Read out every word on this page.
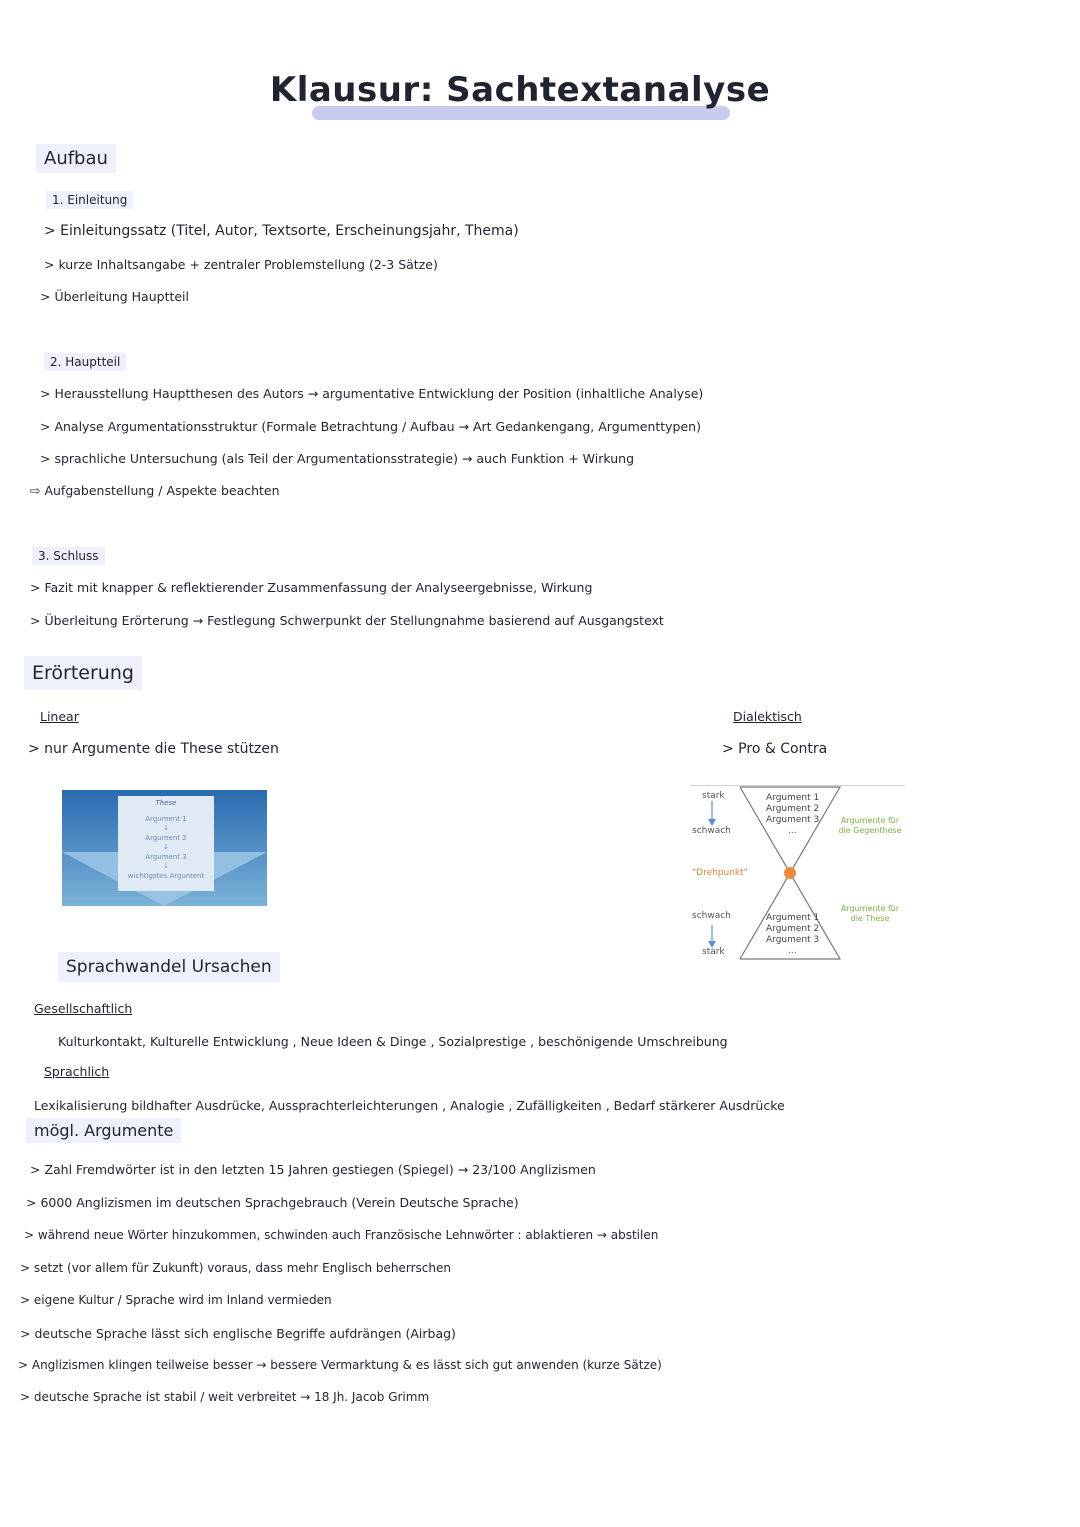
Klausur: Sachtextanalyse
Aufbau
1. Einleitung
> Einleitungssatz (Titel, Autor, Textsorte, Erscheinungsjahr, Thema)
> kurze Inhaltsangabe + zentraler Problemstellung (2-3 Sätze)
> Überleitung Hauptteil
2. Hauptteil
> Herausstellung Hauptthesen des Autors → argumentative Entwicklung der Position (inhaltliche Analyse)
> Analyse Argumentationsstruktur (Formale Betrachtung / Aufbau → Art Gedankengang, Argumenttypen)
> sprachliche Untersuchung (als Teil der Argumentationsstrategie) → auch Funktion + Wirkung
⇨ Aufgabenstellung / Aspekte beachten
3. Schluss
> Fazit mit knapper & reflektierender Zusammenfassung der Analyseergebnisse, Wirkung
> Überleitung Erörterung → Festlegung Schwerpunkt der Stellungnahme basierend auf Ausgangstext
Erörterung
Linear
> nur Argumente die These stützen
Dialektisch
> Pro & Contra
These
Argument 1
↓
Argument 2
↓
Argument 3
↓
wichtigstes Argument
stark
schwach
"Drehpunkt"
schwach
stark
Argument 1
Argument 2
Argument 3
...
Argument 1
Argument 2
Argument 3
...
Argumente für die Gegenthese
Argumente für die These
Sprachwandel Ursachen
Gesellschaftlich
Kulturkontakt, Kulturelle Entwicklung , Neue Ideen & Dinge , Sozialprestige , beschönigende Umschreibung
Sprachlich
Lexikalisierung bildhafter Ausdrücke, Aussprachterleichterungen , Analogie , Zufälligkeiten , Bedarf stärkerer Ausdrücke
mögl. Argumente
> Zahl Fremdwörter ist in den letzten 15 Jahren gestiegen (Spiegel) → 23/100 Anglizismen
> 6000 Anglizismen im deutschen Sprachgebrauch (Verein Deutsche Sprache)
> während neue Wörter hinzukommen, schwinden auch Französische Lehnwörter : ablaktieren → abstilen
> setzt (vor allem für Zukunft) voraus, dass mehr Englisch beherrschen
> eigene Kultur / Sprache wird im Inland vermieden
> deutsche Sprache lässt sich englische Begriffe aufdrängen (Airbag)
> Anglizismen klingen teilweise besser → bessere Vermarktung & es lässt sich gut anwenden (kurze Sätze)
> deutsche Sprache ist stabil / weit verbreitet → 18 Jh. Jacob Grimm
